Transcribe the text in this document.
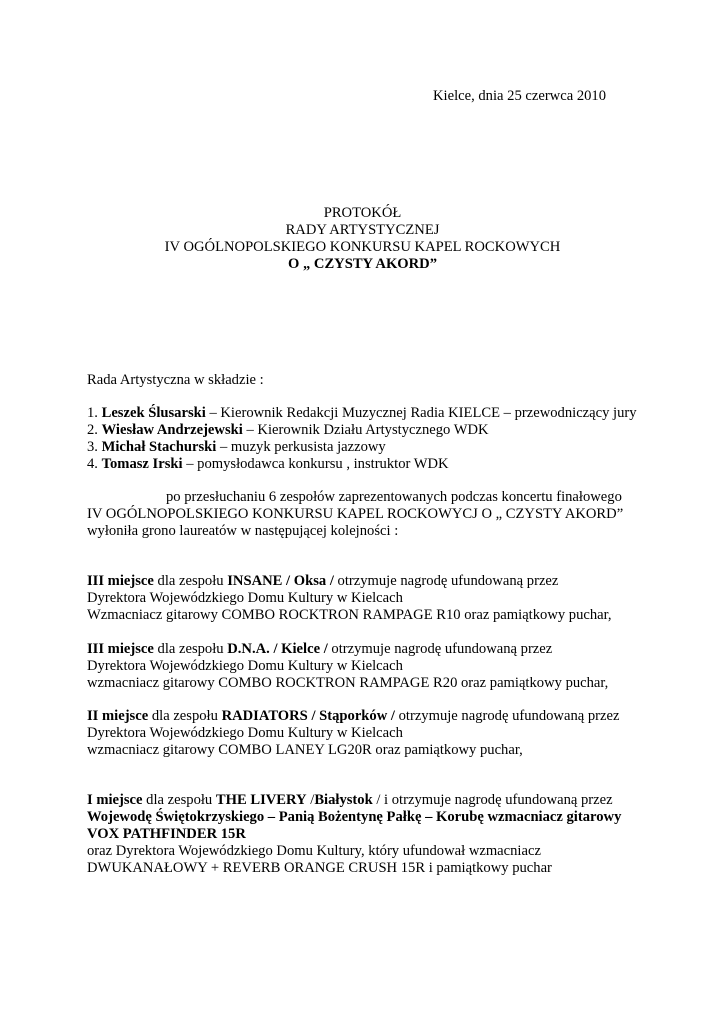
Kielce, dnia 25 czerwca 2010
PROTOKÓŁ
RADY ARTYSTYCZNEJ
IV OGÓLNOPOLSKIEGO KONKURSU KAPEL ROCKOWYCH
O „ CZYSTY AKORD”
Rada Artystyczna w składzie :
1. Leszek Ślusarski – Kierownik Redakcji Muzycznej Radia KIELCE – przewodniczący jury
2. Wiesław Andrzejewski – Kierownik Działu Artystycznego WDK
3. Michał Stachurski – muzyk perkusista jazzowy
4. Tomasz Irski – pomysłodawca konkursu , instruktor WDK
po przesłuchaniu 6 zespołów zaprezentowanych podczas koncertu finałowego
IV OGÓLNOPOLSKIEGO KONKURSU KAPEL ROCKOWYCJ O „ CZYSTY AKORD”
wyłoniła grono laureatów w następującej kolejności :
III miejsce dla zespołu INSANE / Oksa / otrzymuje nagrodę ufundowaną przez
Dyrektora Wojewódzkiego Domu Kultury w Kielcach
Wzmacniacz gitarowy COMBO ROCKTRON RAMPAGE R10 oraz pamiątkowy puchar,
III miejsce dla zespołu D.N.A. / Kielce / otrzymuje nagrodę ufundowaną przez
Dyrektora Wojewódzkiego Domu Kultury w Kielcach
wzmacniacz gitarowy COMBO ROCKTRON RAMPAGE R20 oraz pamiątkowy puchar,
II miejsce dla zespołu RADIATORS / Stąporków / otrzymuje nagrodę ufundowaną przez
Dyrektora Wojewódzkiego Domu Kultury w Kielcach
wzmacniacz gitarowy COMBO LANEY LG20R oraz pamiątkowy puchar,
I miejsce dla zespołu THE LIVERY /Białystok / i otrzymuje nagrodę ufundowaną przez
Wojewodę Świętokrzyskiego – Panią Bożentynę Pałkę – Korubę wzmacniacz gitarowy
VOX PATHFINDER 15R
oraz Dyrektora Wojewódzkiego Domu Kultury, który ufundował wzmacniacz
DWUKANAŁOWY + REVERB ORANGE CRUSH 15R i pamiątkowy puchar
